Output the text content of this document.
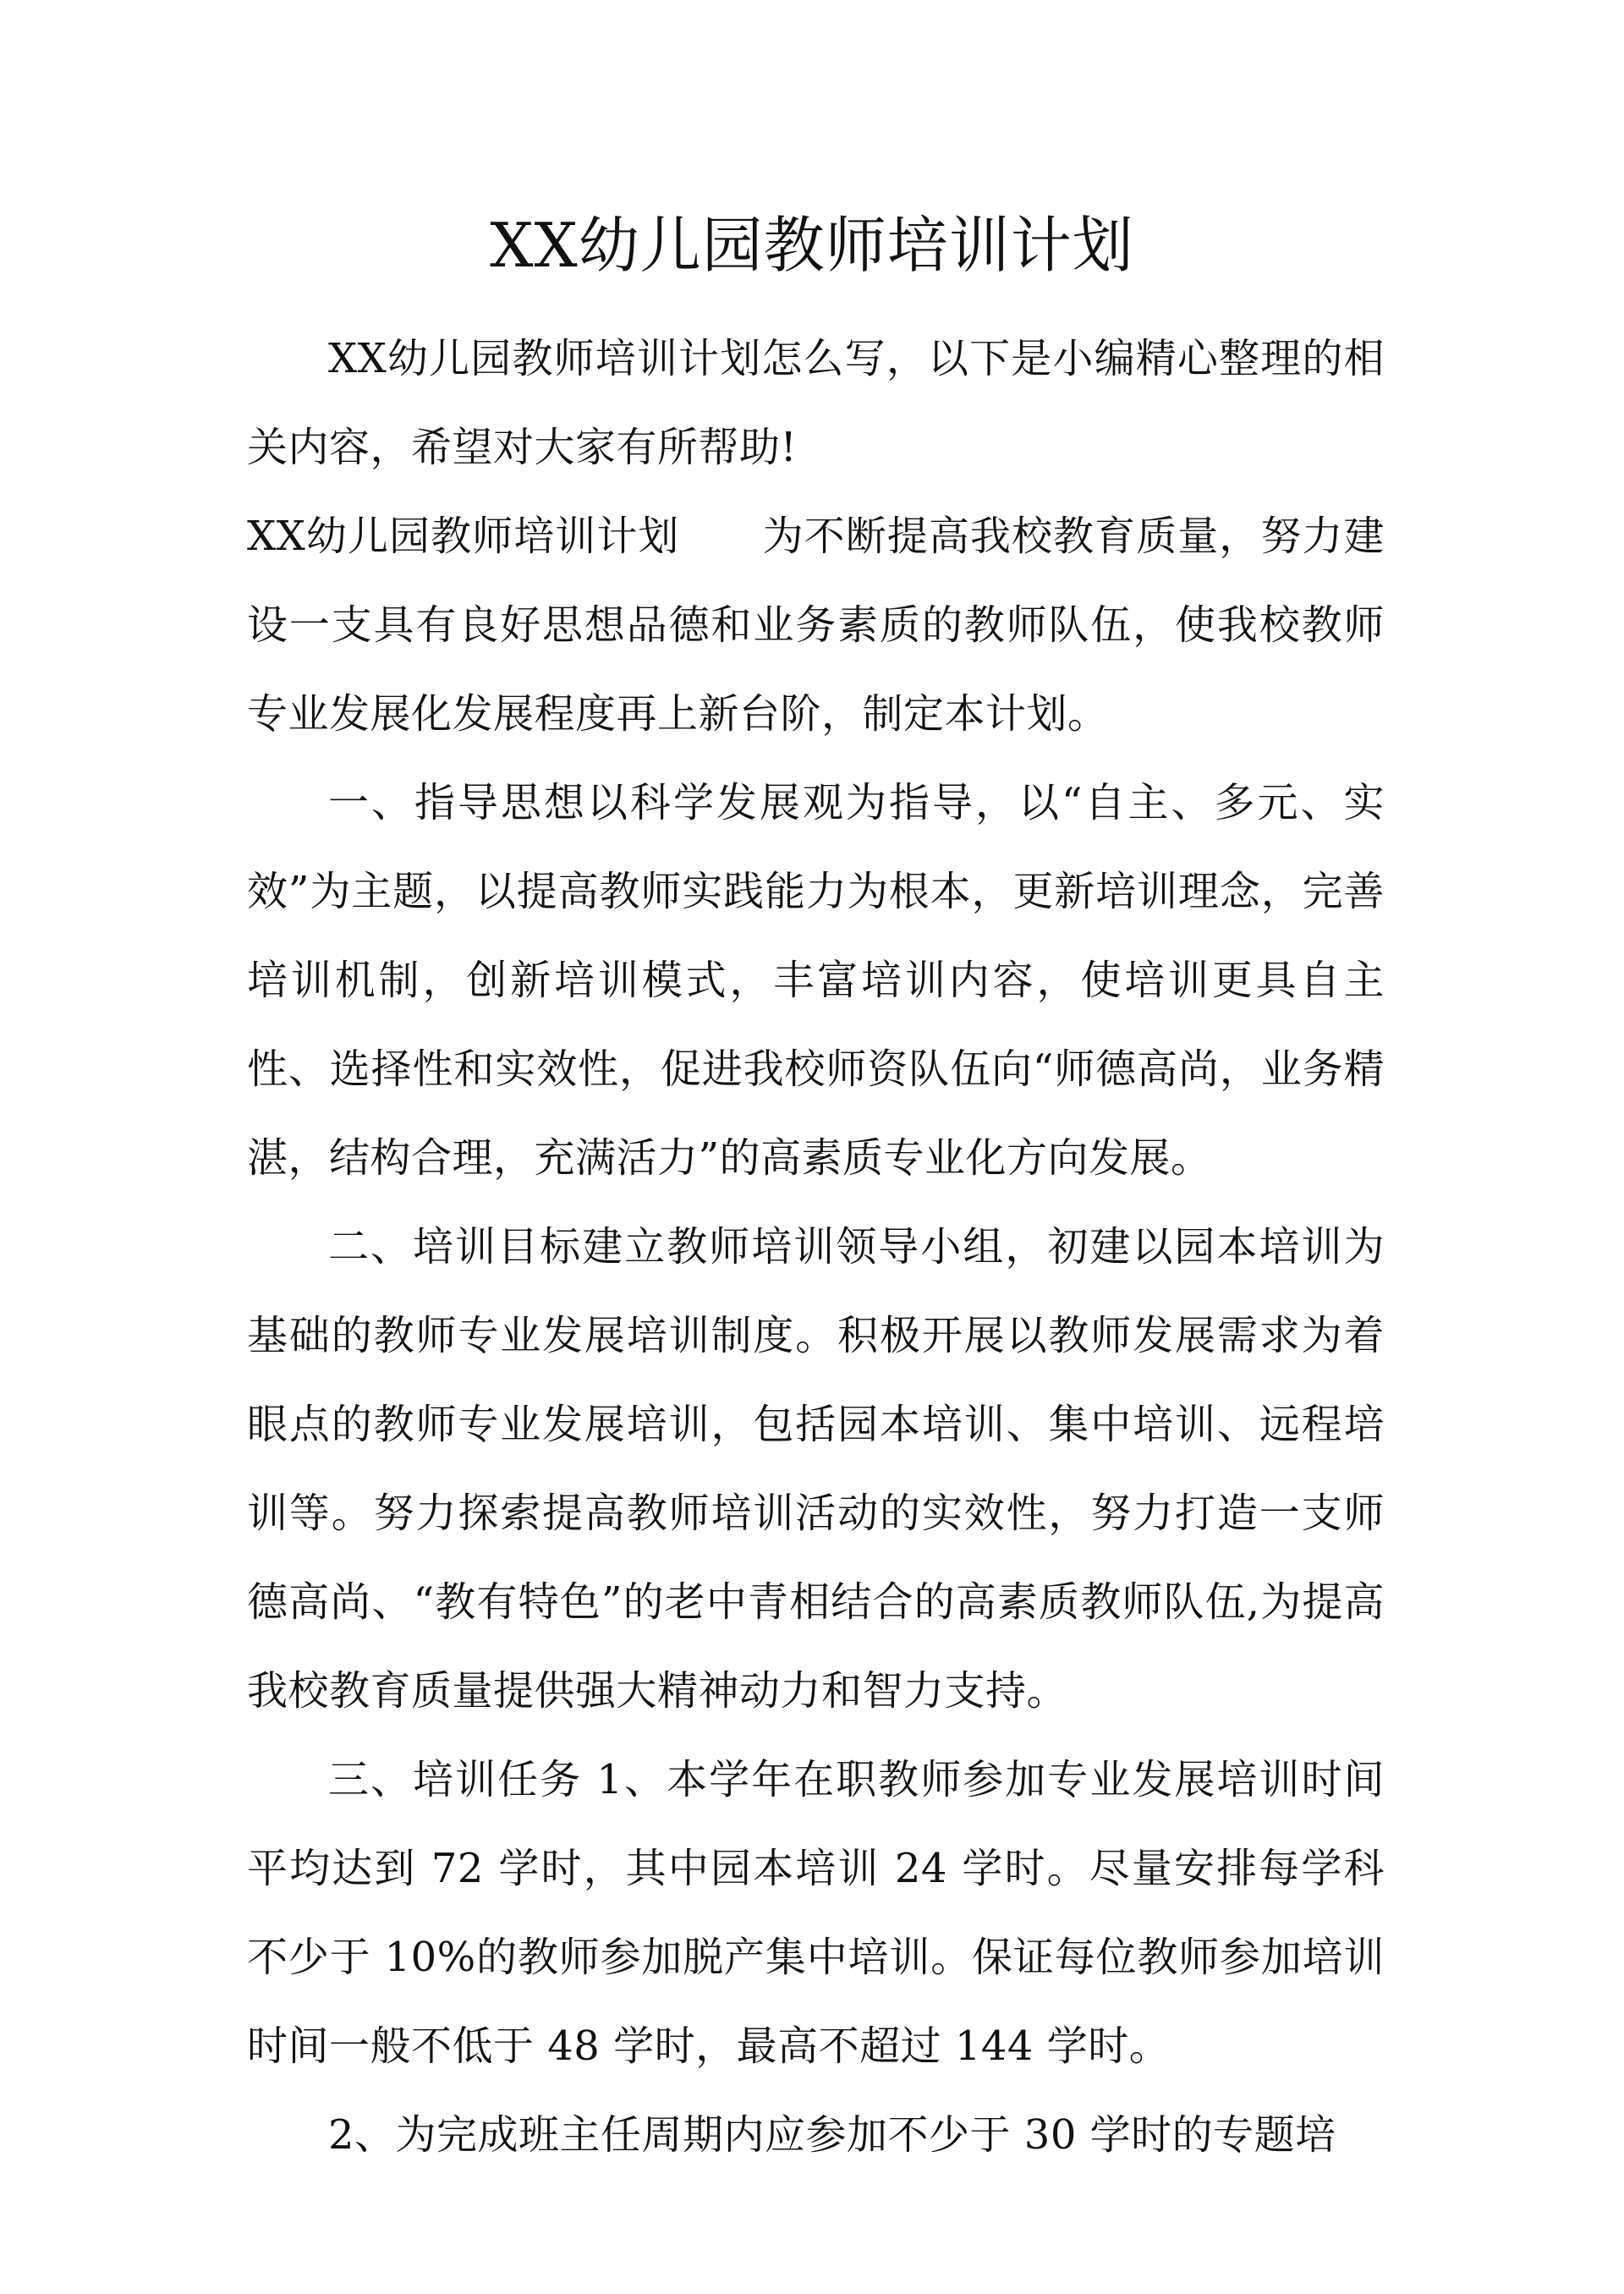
XX幼儿园教师培训计划

XX幼儿园教师培训计划怎么写，以下是小编精心整理的相关内容，希望对大家有所帮助!

XX幼儿园教师培训计划　　为不断提高我校教育质量，努力建设一支具有良好思想品德和业务素质的教师队伍，使我校教师专业发展化发展程度再上新台阶，制定本计划。

一、指导思想以科学发展观为指导，以“自主、多元、实效”为主题，以提高教师实践能力为根本，更新培训理念，完善培训机制，创新培训模式，丰富培训内容，使培训更具自主性、选择性和实效性，促进我校师资队伍向“师德高尚，业务精湛，结构合理，充满活力”的高素质专业化方向发展。

二、培训目标建立教师培训领导小组，初建以园本培训为基础的教师专业发展培训制度。积极开展以教师发展需求为着眼点的教师专业发展培训，包括园本培训、集中培训、远程培训等。努力探索提高教师培训活动的实效性，努力打造一支师德高尚、“教有特色”的老中青相结合的高素质教师队伍,为提高我校教育质量提供强大精神动力和智力支持。

三、培训任务 1、本学年在职教师参加专业发展培训时间平均达到 72 学时，其中园本培训 24 学时。尽量安排每学科不少于 10%的教师参加脱产集中培训。保证每位教师参加培训时间一般不低于 48 学时，最高不超过 144 学时。

2、为完成班主任周期内应参加不少于 30 学时的专题培
